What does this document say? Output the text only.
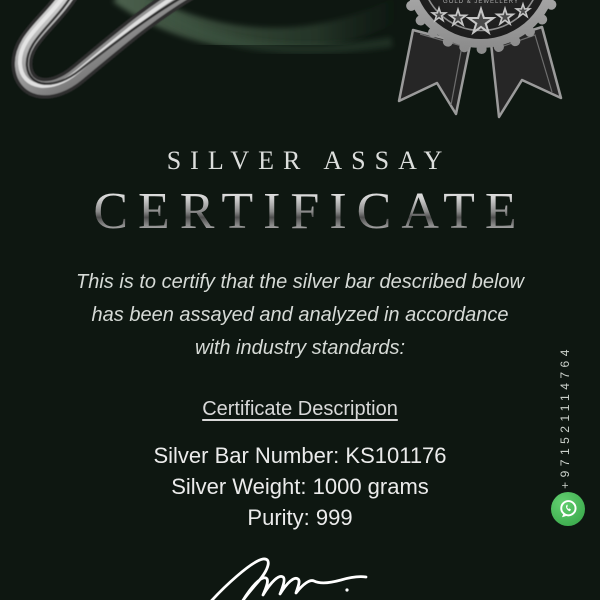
GOLD & JEWELLERY
SILVER ASSAY
CERTIFICATE
This is to certify that the silver bar described below
has been assayed and analyzed in accordance
with industry standards:
Certificate Description
Silver Bar Number: KS101176
Silver Weight: 1000 grams
Purity: 999
+971521114764
